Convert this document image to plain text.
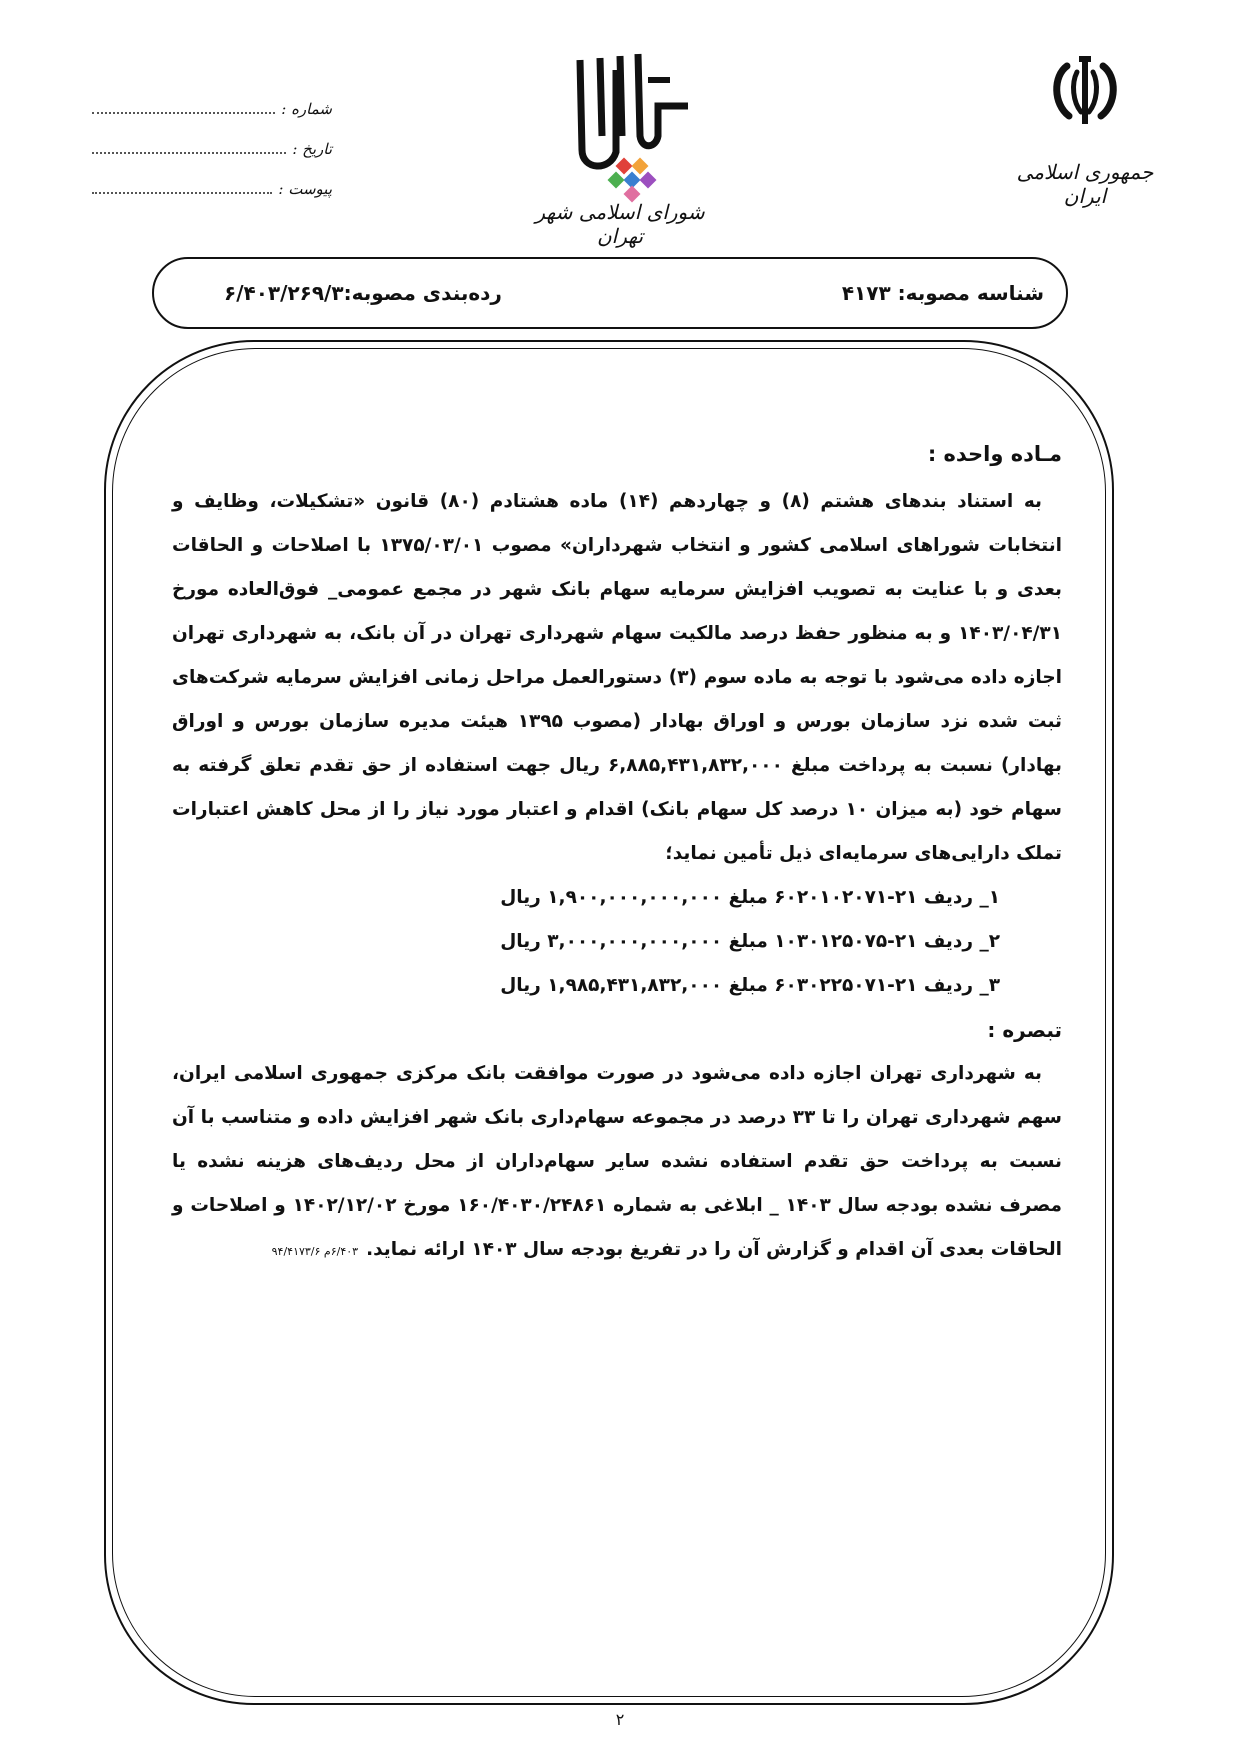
جمهوری اسلامی ایران
شورای اسلامی شهر تهران
شماره :
تاریخ :
پیوست :
شناسه مصوبه: ۴۱۷۳
رده‌بندی مصوبه:۶/۴۰۳/۲۶۹/۳

مـاده واحده :

به استناد بندهای هشتم (۸) و چهاردهم (۱۴) ماده هشتادم (۸۰) قانون «تشکیلات، وظایف و انتخابات شوراهای اسلامی کشور و انتخاب شهرداران» مصوب ۱۳۷۵/۰۳/۰۱ با اصلاحات و الحاقات بعدی و با عنایت به تصویب افزایش سرمایه سهام بانک شهر در مجمع عمومی_ فوق‌العاده مورخ ۱۴۰۳/۰۴/۳۱ و به منظور حفظ درصد مالکیت سهام شهرداری تهران در آن بانک، به شهرداری تهران اجازه داده می‌شود با توجه به ماده سوم (۳) دستورالعمل مراحل زمانی افزایش سرمایه شرکت‌های ثبت شده نزد سازمان بورس و اوراق بهادار (مصوب ۱۳۹۵ هیئت مدیره سازمان بورس و اوراق بهادار) نسبت به پرداخت مبلغ ۶,۸۸۵,۴۳۱,۸۳۲,۰۰۰ ریال جهت استفاده از حق تقدم تعلق گرفته به سهام خود (به میزان ۱۰ درصد کل سهام بانک) اقدام و اعتبار مورد نیاز را از محل کاهش اعتبارات تملک دارایی‌های سرمایه‌ای ذیل تأمین نماید؛

۱_ ردیف ۲۱-۶۰۲۰۱۰۲۰۷۱ مبلغ ۱,۹۰۰,۰۰۰,۰۰۰,۰۰۰ ریال

۲_ ردیف ۲۱-۱۰۳۰۱۲۵۰۷۵ مبلغ ۳,۰۰۰,۰۰۰,۰۰۰,۰۰۰ ریال

۳_ ردیف ۲۱-۶۰۳۰۲۲۵۰۷۱ مبلغ ۱,۹۸۵,۴۳۱,۸۳۲,۰۰۰ ریال

تبصره :

به شهرداری تهران اجازه داده می‌شود در صورت موافقت بانک مرکزی جمهوری اسلامی ایران، سهم شهرداری تهران را تا ۳۳ درصد در مجموعه سهام‌داری بانک شهر افزایش داده و متناسب با آن نسبت به پرداخت حق تقدم استفاده نشده سایر سهام‌داران از محل ردیف‌های هزینه نشده یا مصرف نشده بودجه سال ۱۴۰۳ _ ابلاغی به شماره ۱۶۰/۴۰۳۰/۲۴۸۶۱ مورخ ۱۴۰۲/۱۲/۰۲ و اصلاحات و الحاقات بعدی آن اقدام و گزارش آن را در تفریغ بودجه سال ۱۴۰۳ ارائه نماید.۶/۴۰۳م ۹۴/۴۱۷۳/۶

۲
